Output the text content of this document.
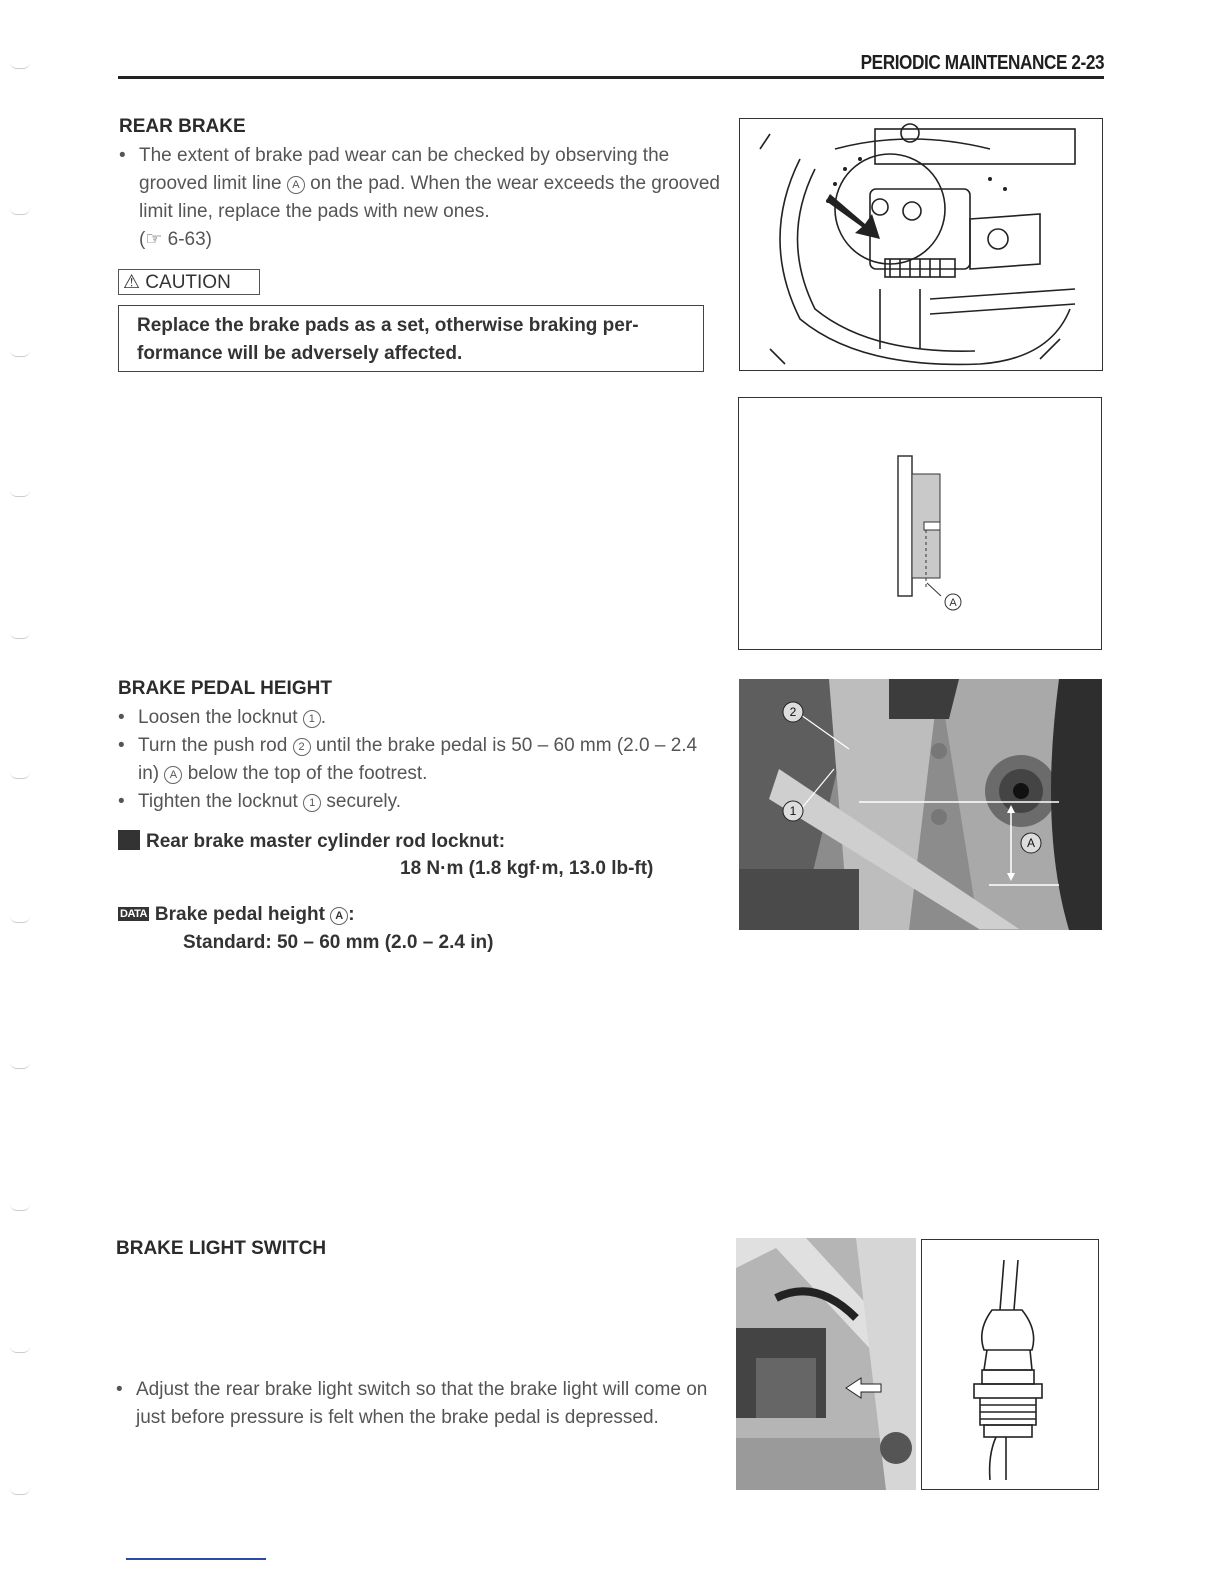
PERIODIC MAINTENANCE 2-23
REAR BRAKE
• The extent of brake pad wear can be checked by observing the grooved limit line A on the pad. When the wear exceeds the grooved limit line, replace the pads with new ones.
(☞ 6-63)
⚠ CAUTION
Replace the brake pads as a set, otherwise braking per-formance will be adversely affected.
A
BRAKE PEDAL HEIGHT
• Loosen the locknut 1 .
• Turn the push rod 2 until the brake pedal is 50 – 60 mm (2.0 – 2.4 in) A below the top of the footrest.
• Tighten the locknut 1 securely.
Rear brake master cylinder rod locknut:
18 N·m (1.8 kgf·m, 13.0 lb-ft)
DATA Brake pedal height A :
Standard: 50 – 60 mm (2.0 – 2.4 in)
2
1
A
BRAKE LIGHT SWITCH
• Adjust the rear brake light switch so that the brake light will come on just before pressure is felt when the brake pedal is depressed.
